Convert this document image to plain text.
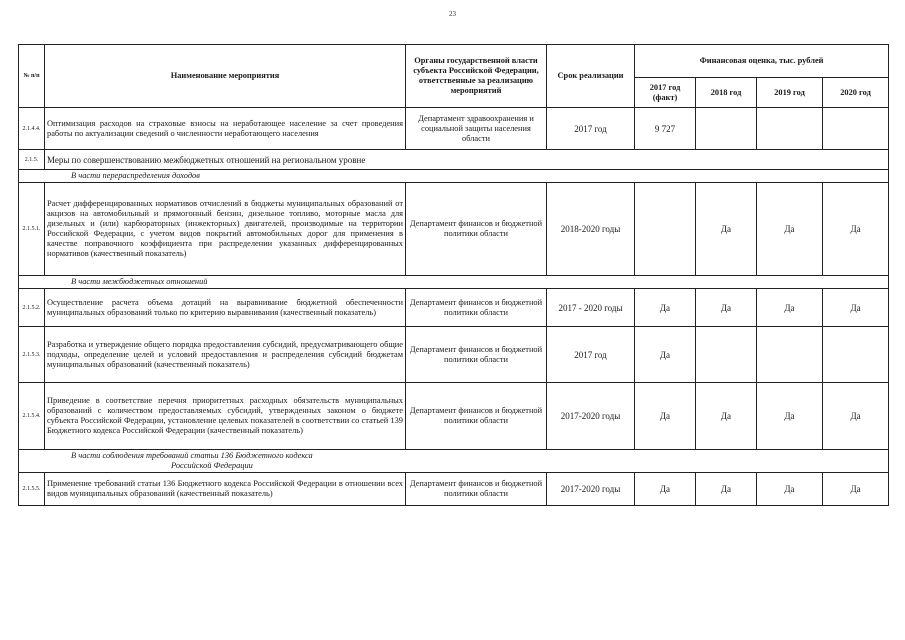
23
№ п/п	Наименование мероприятия	Органы государственной власти субъекта Российской Федерации, ответственные за реализацию мероприятий	Срок реализации	Финансовая оценка, тыс. рублей			
				2017 год (факт)	2018 год	2019 год	2020 год
2.1.4.4.	Оптимизация расходов на страховые взносы на неработающее население за счет проведения работы по актуализации сведений о численности неработающего населения	Департамент здравоохранения и социальной защиты населения области	2017 год	9 727			
2.1.5.	Меры по совершенствованию межбюджетных отношений на региональном уровне						
В части перераспределения доходов							
2.1.5.1.	Расчет дифференцированных нормативов отчислений в бюджеты муниципальных образований от акцизов на автомобильный и прямогонный бензин, дизельное топливо, моторные масла для дизельных и (или) карбюраторных (инжекторных) двигателей, производимые на территории Российской Федерации, с учетом видов покрытий автомобильных дорог для применения в качестве поправочного коэффициента при распределении указанных дифференцированных нормативов (качественный показатель)	Департамент финансов и бюджетной политики области	2018-2020 годы		Да	Да	Да
В части межбюджетных отношений							
2.1.5.2.	Осуществление расчета объема дотаций на выравнивание бюджетной обеспеченности муниципальных образований только по критерию выравнивания (качественный показатель)	Департамент финансов и бюджетной политики области	2017 - 2020 годы	Да	Да	Да	Да
2.1.5.3.	Разработка и утверждение общего порядка предоставления субсидий, предусматривающего общие подходы, определение целей и условий предоставления и распределения субсидий бюджетам муниципальных образований (качественный показатель)	Департамент финансов и бюджетной политики области	2017 год	Да			
2.1.5.4.	Приведение в соответствие перечня приоритетных расходных обязательств муниципальных образований с количеством предоставляемых субсидий, утвержденных законом о бюджете субъекта Российской Федерации, установление целевых показателей в соответствии со статьей 139 Бюджетного кодекса Российской Федерации (качественный показатель)	Департамент финансов и бюджетной политики области	2017-2020 годы	Да	Да	Да	Да

В части соблюдения требований статьи 136 Бюджетного кодекса
Российской Федерации							

2.1.5.5.	Применение требований статьи 136 Бюджетного кодекса Российской Федерации в отношении всех видов муниципальных образований (качественный показатель)	Департамент финансов и бюджетной политики области	2017-2020 годы	Да	Да	Да	Да
